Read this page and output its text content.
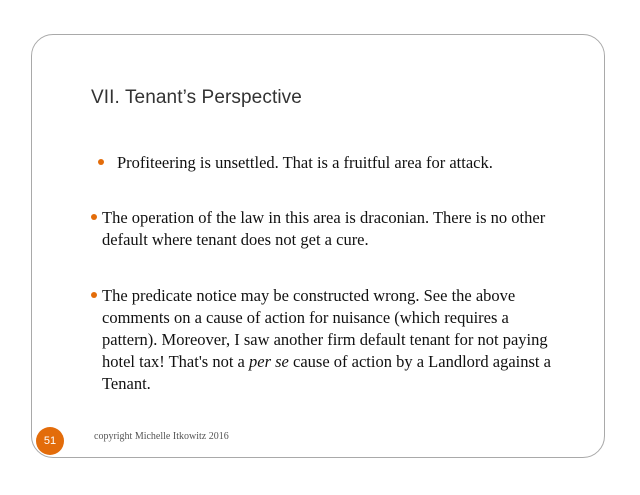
VII. Tenant’s Perspective
Profiteering is unsettled. That is a fruitful area for attack.
The operation of the law in this area is draconian. There is no other default where tenant does not get a cure.
The predicate notice may be constructed wrong. See the above comments on a cause of action for nuisance (which requires a pattern). Moreover, I saw another firm default tenant for not paying hotel tax! That's not a per se cause of action by a Landlord against a Tenant.
51	copyright Michelle Itkowitz 2016
